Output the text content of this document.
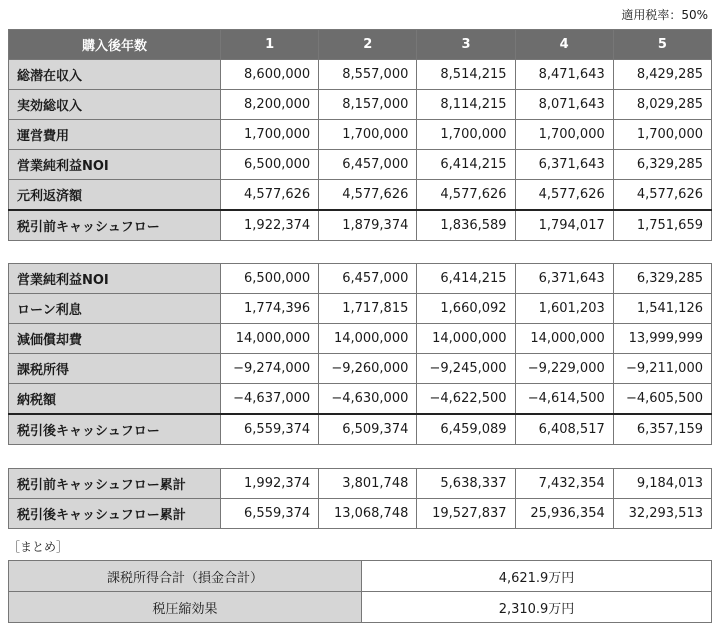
適用税率：50%
購入後年数	1	2	3	4	5
総潜在収入	8,600,000	8,557,000	8,514,215	8,471,643	8,429,285
実効総収入	8,200,000	8,157,000	8,114,215	8,071,643	8,029,285
運営費用	1,700,000	1,700,000	1,700,000	1,700,000	1,700,000
営業純利益NOI	6,500,000	6,457,000	6,414,215	6,371,643	6,329,285
元利返済額	4,577,626	4,577,626	4,577,626	4,577,626	4,577,626
税引前キャッシュフロー	1,922,374	1,879,374	1,836,589	1,794,017	1,751,659
営業純利益NOI	6,500,000	6,457,000	6,414,215	6,371,643	6,329,285
ローン利息	1,774,396	1,717,815	1,660,092	1,601,203	1,541,126
減価償却費	14,000,000	14,000,000	14,000,000	14,000,000	13,999,999
課税所得	−9,274,000	−9,260,000	−9,245,000	−9,229,000	−9,211,000
納税額	−4,637,000	−4,630,000	−4,622,500	−4,614,500	−4,605,500
税引後キャッシュフロー	6,559,374	6,509,374	6,459,089	6,408,517	6,357,159
税引前キャッシュフロー累計	1,992,374	3,801,748	5,638,337	7,432,354	9,184,013
税引後キャッシュフロー累計	6,559,374	13,068,748	19,527,837	25,936,354	32,293,513
［まとめ］
課税所得合計（損金合計）	4,621.9万円
税圧縮効果	2,310.9万円
